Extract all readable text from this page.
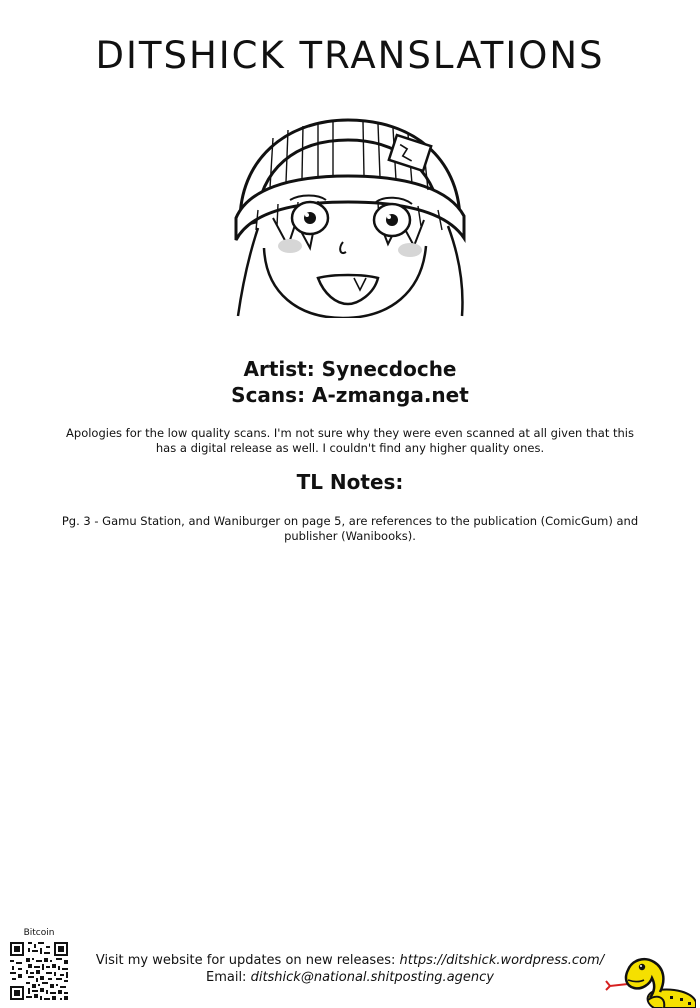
DITSHICK TRANSLATIONS
Artist: Synecdoche
Scans: A-zmanga.net
Apologies for the low quality scans. I'm not sure why they were even scanned at all given that this has a digital release as well. I couldn't find any higher quality ones.
TL Notes:
Pg. 3 - Gamu Station, and Waniburger on page 5, are references to the publication (ComicGum) and publisher (Wanibooks).
Bitcoin
Visit my website for updates on new releases: https://ditshick.wordpress.com/
Email: ditshick@national.shitposting.agency
